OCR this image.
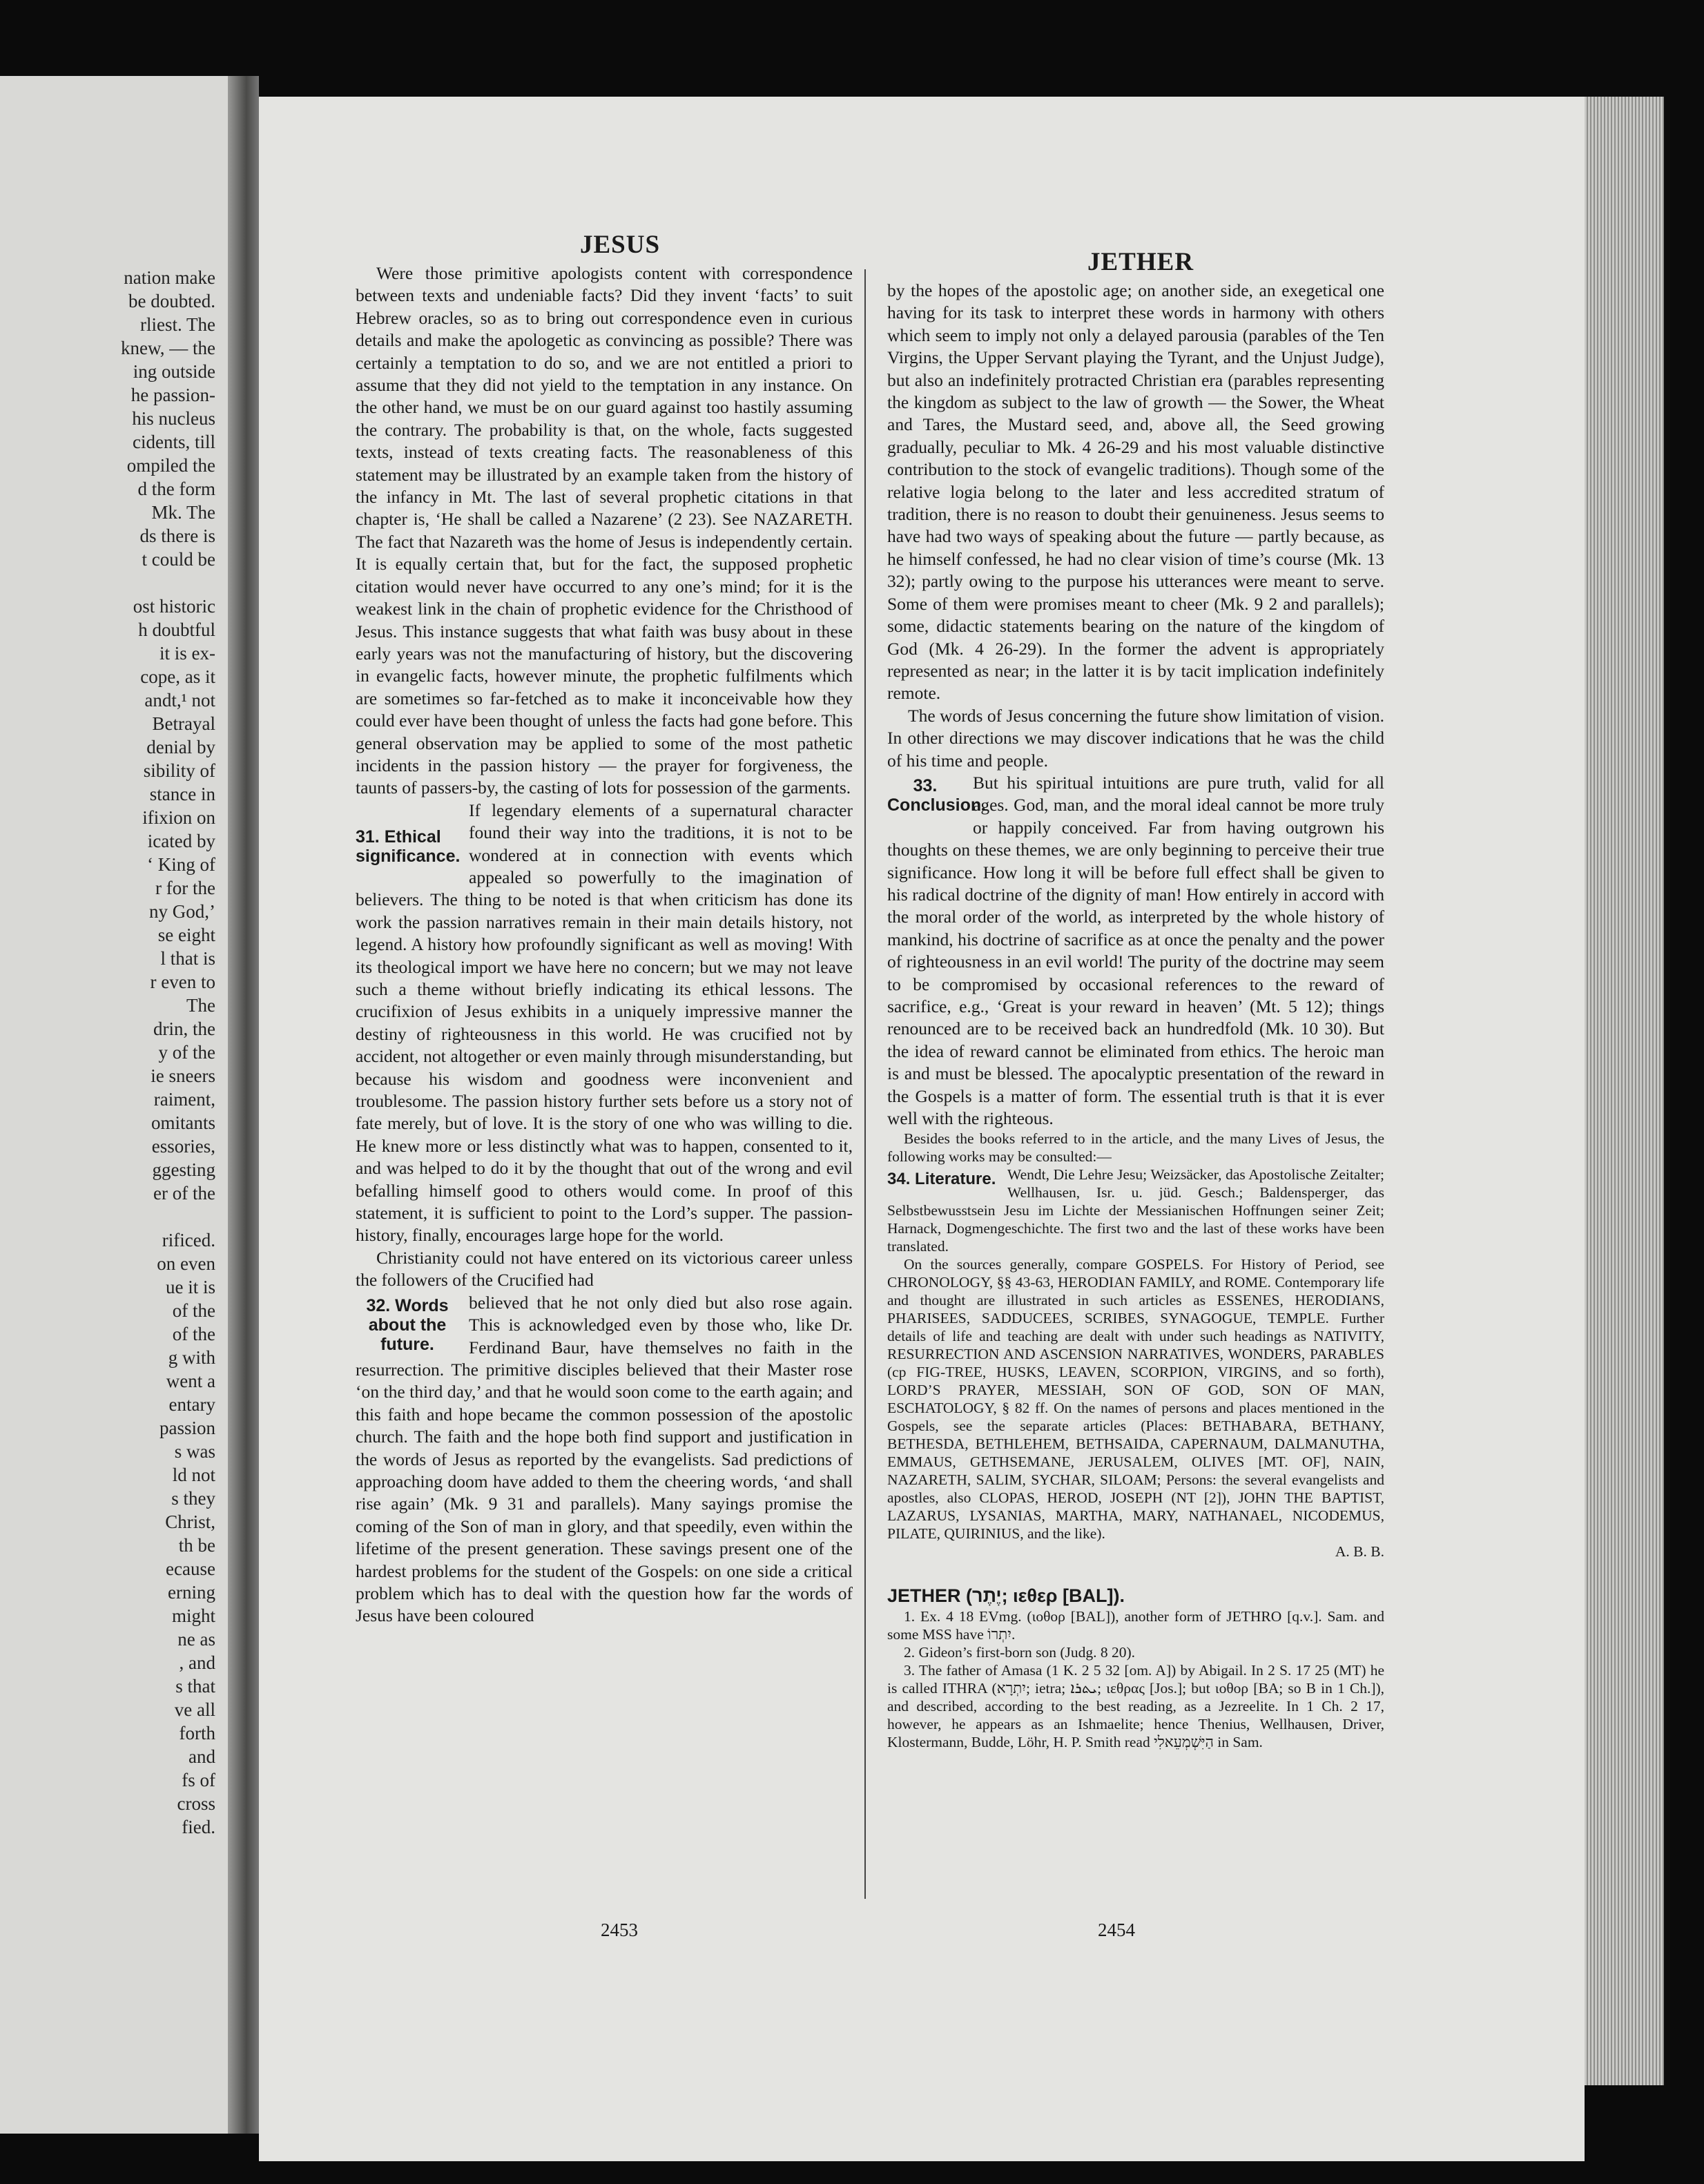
nation make
be doubted.
rliest. The
knew, — the
ing outside
he passion-
his nucleus
cidents, till
ompiled the
d the form
Mk. The
ds there is
t could be

ost historic
h doubtful
it is ex-
cope, as it
andt,¹ not
Betrayal
denial by
sibility of
stance in
ifixion on
icated by
‘ King of
r for the
ny God,’
se eight
l that is
r even to
The
drin, the
y of the
ie sneers
raiment,
omitants
essories,
ggesting
er of the

rificed.
on even
ue it is
of the
of the
g with
went a
entary
passion
s was
ld not
s they
Christ,
th be
ecause
erning
might
ne as
, and
s that
ve all
forth
and
fs of
cross
fied.
JESUS
JETHER

Were those primitive apologists content with correspondence between texts and undeniable facts? Did they invent ‘facts’ to suit Hebrew oracles, so as to bring out correspondence even in curious details and make the apologetic as convincing as possible? There was certainly a temptation to do so, and we are not entitled a priori to assume that they did not yield to the temptation in any instance. On the other hand, we must be on our guard against too hastily assuming the contrary. The probability is that, on the whole, facts suggested texts, instead of texts creating facts. The reasonableness of this statement may be illustrated by an example taken from the history of the infancy in Mt. The last of several prophetic citations in that chapter is, ‘He shall be called a Nazarene’ (2 23). See NAZARETH. The fact that Nazareth was the home of Jesus is independently certain. It is equally certain that, but for the fact, the supposed prophetic citation would never have occurred to any one’s mind; for it is the weakest link in the chain of prophetic evidence for the Christhood of Jesus. This instance suggests that what faith was busy about in these early years was not the manufacturing of history, but the discovering in evangelic facts, however minute, the prophetic fulfilments which are sometimes so far-fetched as to make it inconceivable how they could ever have been thought of unless the facts had gone before. This general observation may be applied to some of the most pathetic incidents in the passion history — the prayer for forgiveness, the taunts of passers-by, the casting of lots for possession of the garments.

31. Ethical significance.

If legendary elements of a supernatural character found their way into the traditions, it is not to be wondered at in connection with events which appealed so powerfully to the imagination of believers. The thing to be noted is that when criticism has done its work the passion narratives remain in their main details history, not legend. A history how profoundly significant as well as moving! With its theological import we have here no concern; but we may not leave such a theme without briefly indicating its ethical lessons. The crucifixion of Jesus exhibits in a uniquely impressive manner the destiny of righteousness in this world. He was crucified not by accident, not altogether or even mainly through misunderstanding, but because his wisdom and goodness were inconvenient and troublesome. The passion history further sets before us a story not of fate merely, but of love. It is the story of one who was willing to die. He knew more or less distinctly what was to happen, consented to it, and was helped to do it by the thought that out of the wrong and evil befalling himself good to others would come. In proof of this statement, it is sufficient to point to the Lord’s supper. The passion-history, finally, encourages large hope for the world.

Christianity could not have entered on its victorious career unless the followers of the Crucified had

32. Words about the future.

believed that he not only died but also rose again. This is acknowledged even by those who, like Dr. Ferdinand Baur, have themselves no faith in the resurrection. The primitive disciples believed that their Master rose ‘on the third day,’ and that he would soon come to the earth again; and this faith and hope became the common possession of the apostolic church. The faith and the hope both find support and justification in the words of Jesus as reported by the evangelists. Sad predictions of approaching doom have added to them the cheering words, ‘and shall rise again’ (Mk. 9 31 and parallels). Many sayings promise the coming of the Son of man in glory, and that speedily, even within the lifetime of the present generation. These savings present one of the hardest problems for the student of the Gospels: on one side a critical problem which has to deal with the question how far the words of Jesus have been coloured

by the hopes of the apostolic age; on another side, an exegetical one having for its task to interpret these words in harmony with others which seem to imply not only a delayed parousia (parables of the Ten Virgins, the Upper Servant playing the Tyrant, and the Unjust Judge), but also an indefinitely protracted Christian era (parables representing the kingdom as subject to the law of growth — the Sower, the Wheat and Tares, the Mustard seed, and, above all, the Seed growing gradually, peculiar to Mk. 4 26-29 and his most valuable distinctive contribution to the stock of evangelic traditions). Though some of the relative logia belong to the later and less accredited stratum of tradition, there is no reason to doubt their genuineness. Jesus seems to have had two ways of speaking about the future — partly because, as he himself confessed, he had no clear vision of time’s course (Mk. 13 32); partly owing to the purpose his utterances were meant to serve. Some of them were promises meant to cheer (Mk. 9 2 and parallels); some, didactic statements bearing on the nature of the kingdom of God (Mk. 4 26-29). In the former the advent is appropriately represented as near; in the latter it is by tacit implication indefinitely remote.

The words of Jesus concerning the future show limitation of vision. In other directions we may discover indications that he was the child of his time and people.

33. Conclusion.

But his spiritual intuitions are pure truth, valid for all ages. God, man, and the moral ideal cannot be more truly or happily conceived. Far from having outgrown his thoughts on these themes, we are only beginning to perceive their true significance. How long it will be before full effect shall be given to his radical doctrine of the dignity of man! How entirely in accord with the moral order of the world, as interpreted by the whole history of mankind, his doctrine of sacrifice as at once the penalty and the power of righteousness in an evil world! The purity of the doctrine may seem to be compromised by occasional references to the reward of sacrifice, e.g., ‘Great is your reward in heaven’ (Mt. 5 12); things renounced are to be received back an hundredfold (Mk. 10 30). But the idea of reward cannot be eliminated from ethics. The heroic man is and must be blessed. The apocalyptic presentation of the reward in the Gospels is a matter of form. The essential truth is that it is ever well with the righteous.

Besides the books referred to in the article, and the many Lives of Jesus, the following works may be consulted:—

34. Literature. Wendt, Die Lehre Jesu; Weizsäcker, das Apostolische Zeitalter; Wellhausen, Isr. u. jüd. Gesch.; Baldensperger, das Selbstbewusstsein Jesu im Lichte der Messianischen Hoffnungen seiner Zeit; Harnack, Dogmengeschichte. The first two and the last of these works have been translated.

On the sources generally, compare GOSPELS. For History of Period, see CHRONOLOGY, §§ 43-63, HERODIAN FAMILY, and ROME. Contemporary life and thought are illustrated in such articles as ESSENES, HERODIANS, PHARISEES, SADDUCEES, SCRIBES, SYNAGOGUE, TEMPLE. Further details of life and teaching are dealt with under such headings as NATIVITY, RESURRECTION AND ASCENSION NARRATIVES, WONDERS, PARABLES (cp FIG-TREE, HUSKS, LEAVEN, SCORPION, VIRGINS, and so forth), LORD’S PRAYER, MESSIAH, SON OF GOD, SON OF MAN, ESCHATOLOGY, § 82 ff. On the names of persons and places mentioned in the Gospels, see the separate articles (Places: BETHABARA, BETHANY, BETHESDA, BETHLEHEM, BETHSAIDA, CAPERNAUM, DALMANUTHA, EMMAUS, GETHSEMANE, JERUSALEM, OLIVES [MT. OF], NAIN, NAZARETH, SALIM, SYCHAR, SILOAM; Persons: the several evangelists and apostles, also CLOPAS, HEROD, JOSEPH (NT [2]), JOHN THE BAPTIST, LAZARUS, LYSANIAS, MARTHA, MARY, NATHANAEL, NICODEMUS, PILATE, QUIRINIUS, and the like).

A. B. B.
JETHER (יֶתֶר; ιεθερ [BAL]).

1. Ex. 4 18 EVmg. (ιοθορ [BAL]), another form of JETHRO [q.v.]. Sam. and some MSS have יִתְרוֹ.

2. Gideon’s first-born son (Judg. 8 20).

3. The father of Amasa (1 K. 2 5 32 [om. A]) by Abigail. In 2 S. 17 25 (MT) he is called ITHRA (יִתְרָא; ietra; ܝܬܪܐ; ιεθρας [Jos.]; but ιοθορ [BA; so B in 1 Ch.]), and described, according to the best reading, as a Jezreelite. In 1 Ch. 2 17, however, he appears as an Ishmaelite; hence Thenius, Wellhausen, Driver, Klostermann, Budde, Löhr, H. P. Smith read הַיִּשְׁמְעֵאלִי in Sam.

2453	2454
